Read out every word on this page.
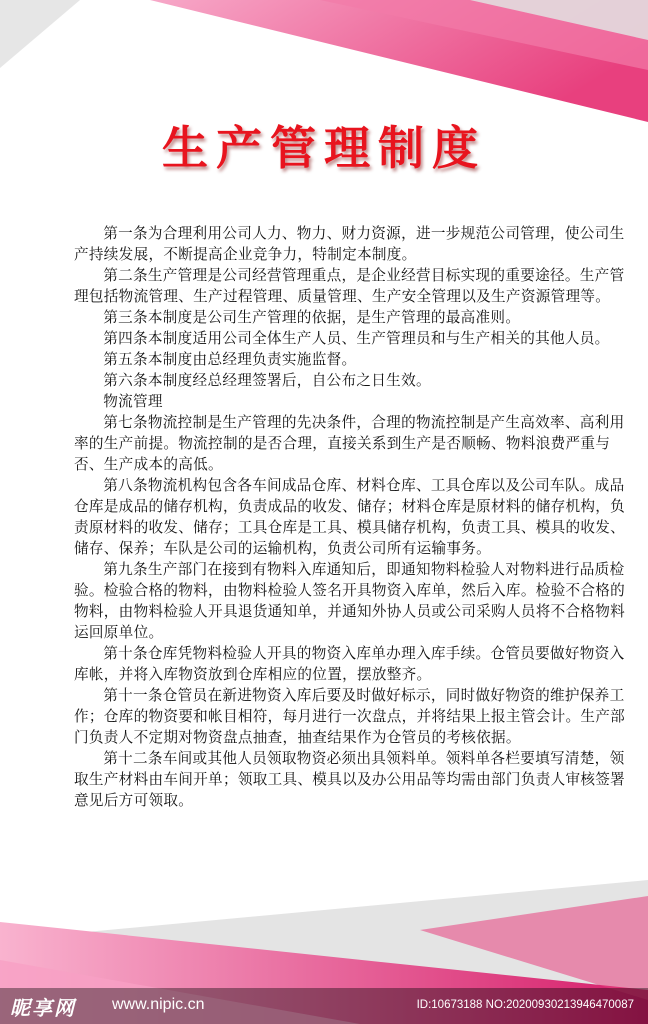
生产管理制度

第一条为合理利用公司人力、物力、财力资源，进一步规范公司管理，使公司生产持续发展，不断提高企业竞争力，特制定本制度。

第二条生产管理是公司经营管理重点，是企业经营目标实现的重要途径。生产管理包括物流管理、生产过程管理、质量管理、生产安全管理以及生产资源管理等。

第三条本制度是公司生产管理的依据，是生产管理的最高准则。

第四条本制度适用公司全体生产人员、生产管理员和与生产相关的其他人员。

第五条本制度由总经理负责实施监督。

第六条本制度经总经理签署后，自公布之日生效。

物流管理

第七条物流控制是生产管理的先决条件，合理的物流控制是产生高效率、高利用率的生产前提。物流控制的是否合理，直接关系到生产是否顺畅、物料浪费严重与否、生产成本的高低。

第八条物流机构包含各车间成品仓库、材料仓库、工具仓库以及公司车队。成品仓库是成品的储存机构，负责成品的收发、储存；材料仓库是原材料的储存机构，负责原材料的收发、储存；工具仓库是工具、模具储存机构，负责工具、模具的收发、储存、保养；车队是公司的运输机构，负责公司所有运输事务。

第九条生产部门在接到有物料入库通知后，即通知物料检验人对物料进行品质检验。检验合格的物料，由物料检验人签名开具物资入库单，然后入库。检验不合格的物料，由物料检验人开具退货通知单，并通知外协人员或公司采购人员将不合格物料运回原单位。

第十条仓库凭物料检验人开具的物资入库单办理入库手续。仓管员要做好物资入库帐，并将入库物资放到仓库相应的位置，摆放整齐。

第十一条仓管员在新进物资入库后要及时做好标示，同时做好物资的维护保养工作；仓库的物资要和帐目相符，每月进行一次盘点，并将结果上报主管会计。生产部门负责人不定期对物资盘点抽查，抽查结果作为仓管员的考核依据。

第十二条车间或其他人员领取物资必须出具领料单。领料单各栏要填写清楚，领取生产材料由车间开单；领取工具、模具以及办公用品等均需由部门负责人审核签署意见后方可领取。

昵享网 www.nipic.cn	ID:10673188 NO:20200930213946470087
